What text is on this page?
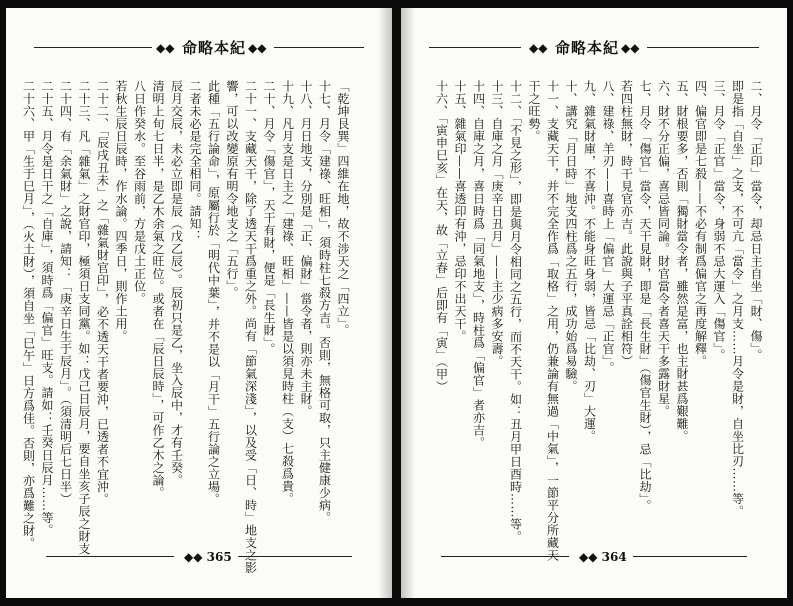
◆◆ 命略本紀 ◆◆
「乾坤艮巽」四維在地，故不涉天之「四立」。
十七、月令「建祿、旺相」，須時柱七殺方吉。否則，無格可取，只主健康少病。
十八、月日地支，分別是「正、偏財」當令者，則亦未主財。
十九、凡月支是日主之「建祿、旺相」——皆是以須見時柱（支）七殺爲貴。
二十、月令「傷官」，天干有財，便是「長生財」。
二十一、支藏天干，除了透天干爲重之外。尚有「節氣深淺」，以及受「日、時」地支之影
響，可以改變原有明令地支之「五行」。
此種「五行論命」，原屬行於「明代中葉」，并不是以「月干」五行論之立場。
二者未必是完全相同。請知：
辰月交辰，未必立即是辰（戊乙辰）。辰初只是乙，坐入辰中，才有壬癸。
清明上旬七日半，是乙木余氣之旺位。或者在「辰日辰時」，可作乙木之論。
八日作癸水。至谷雨前，方是戊土正位。
若秋生辰日辰時，作水論。四季日，則作土用。
二十二、「辰戌丑未」之「雜氣財官印」，必不透天干者要沖，已透者不宜沖。
二十三、凡「雜氣」之財官印，極須日支同黨。如：戊己日辰月，要自坐亥子辰之財支
二十四、有「余氣財」之說，請知：「庚辛日生于辰月」。（須清明后七日半）
二十五、月令是日干之「自庫」，須時爲「偏官」旺支。請如：壬癸日辰月……等。
二十六、甲「生于巳月」，（火土財），須自坐「巳午」日方爲佳。否則，亦爲難之財。
◆◆ 365
◆◆ 命略本紀 ◆◆
二、月令「正印」當令，却忌日主自坐「財、傷」。
即是指「自坐」之支，不可亢「當令」之月支……月令是財，自坐比刃……等。
三、月令「正官」當令，身弱不忌大運入「傷官」。
四、偏官即是七殺——不必有制爲偏官之再度解釋。
五、財根要多，否則「獨財當令者，雖然是富，也主財甚爲艱難。
六、財不分正偏，喜忌皆同論。財官當令者喜天干多露財星。
七、月令「傷官」當令，天干見財，即是「長生財」（傷官生財），忌「比劫」。
若四柱無財，時干見官亦吉。此說與子平真詮相符）
八、建祿、羊刃——喜時上「偏官」大運忌「正官」。
九、雜氣財庫，不喜沖。不能身旺身弱，皆忌「比劫、刃」大運。
十、講究「月日時」地支四柱爲之五行，成功始爲易驗。
十一、支藏天干，并不完全作爲「取格」之用，仍兼論有無過「中氣」，一節平分所藏天
干之旺勢。
十二、「不見之形」，即是與月令相同之五行，而不天干。如：丑月甲日酉時……等。
十三、自庫之月「庚辛日丑月」——主少病多安壽。
十四、自庫之月，喜日時爲「同氣地支」，時柱爲「偏官」者亦吉。
十五、雜氣印——喜透印有沖，忌印不出天干。
十六、「寅申巳亥」在天，故「立春」后即有「寅」（甲）
◆◆ 364
